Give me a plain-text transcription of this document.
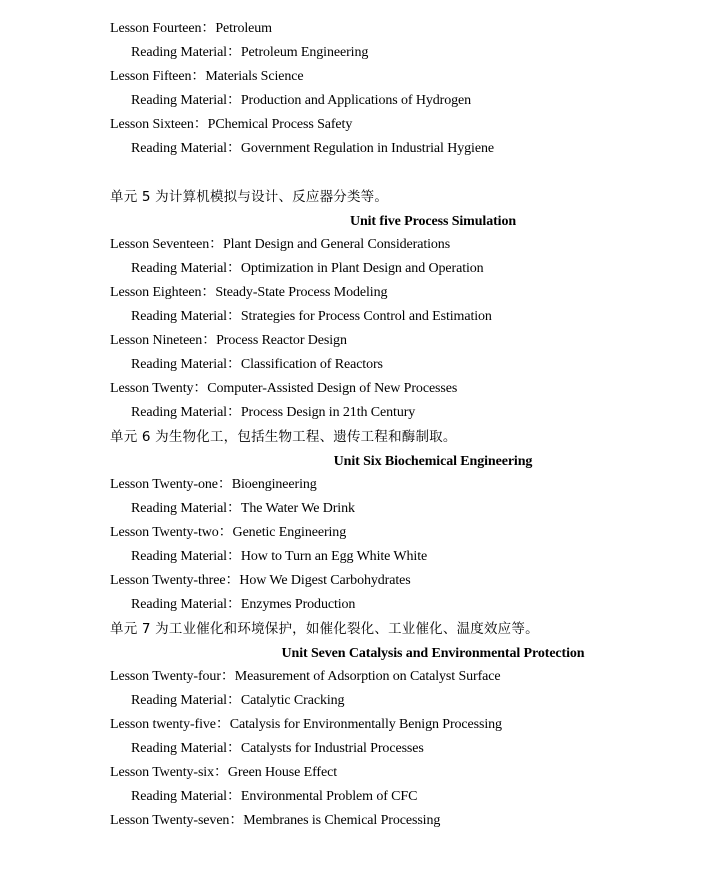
Lesson Fourteen：Petroleum
Reading Material：Petroleum Engineering
Lesson Fifteen：Materials Science
Reading Material：Production and Applications of Hydrogen
Lesson Sixteen：PChemical Process Safety
Reading Material：Government Regulation in Industrial Hygiene
单元 5 为计算机模拟与设计、反应器分类等。
Unit five Process Simulation
Lesson Seventeen：Plant Design and General Considerations
Reading Material：Optimization in Plant Design and Operation
Lesson Eighteen：Steady-State Process Modeling
Reading Material：Strategies for Process Control and Estimation
Lesson Nineteen：Process Reactor Design
Reading Material：Classification of Reactors
Lesson Twenty：Computer-Assisted Design of New Processes
Reading Material：Process Design in 21th Century
单元 6 为生物化工，包括生物工程、遗传工程和酶制取。
Unit Six Biochemical Engineering
Lesson Twenty-one：Bioengineering
Reading Material：The Water We Drink
Lesson Twenty-two：Genetic Engineering
Reading Material：How to Turn an Egg White White
Lesson Twenty-three：How We Digest Carbohydrates
Reading Material：Enzymes Production
单元 7 为工业催化和环境保护，如催化裂化、工业催化、温度效应等。
Unit Seven Catalysis and Environmental Protection
Lesson Twenty-four：Measurement of Adsorption on Catalyst Surface
Reading Material：Catalytic Cracking
Lesson twenty-five：Catalysis for Environmentally Benign Processing
Reading Material：Catalysts for Industrial Processes
Lesson Twenty-six：Green House Effect
Reading Material：Environmental Problem of CFC
Lesson Twenty-seven：Membranes is Chemical Processing
